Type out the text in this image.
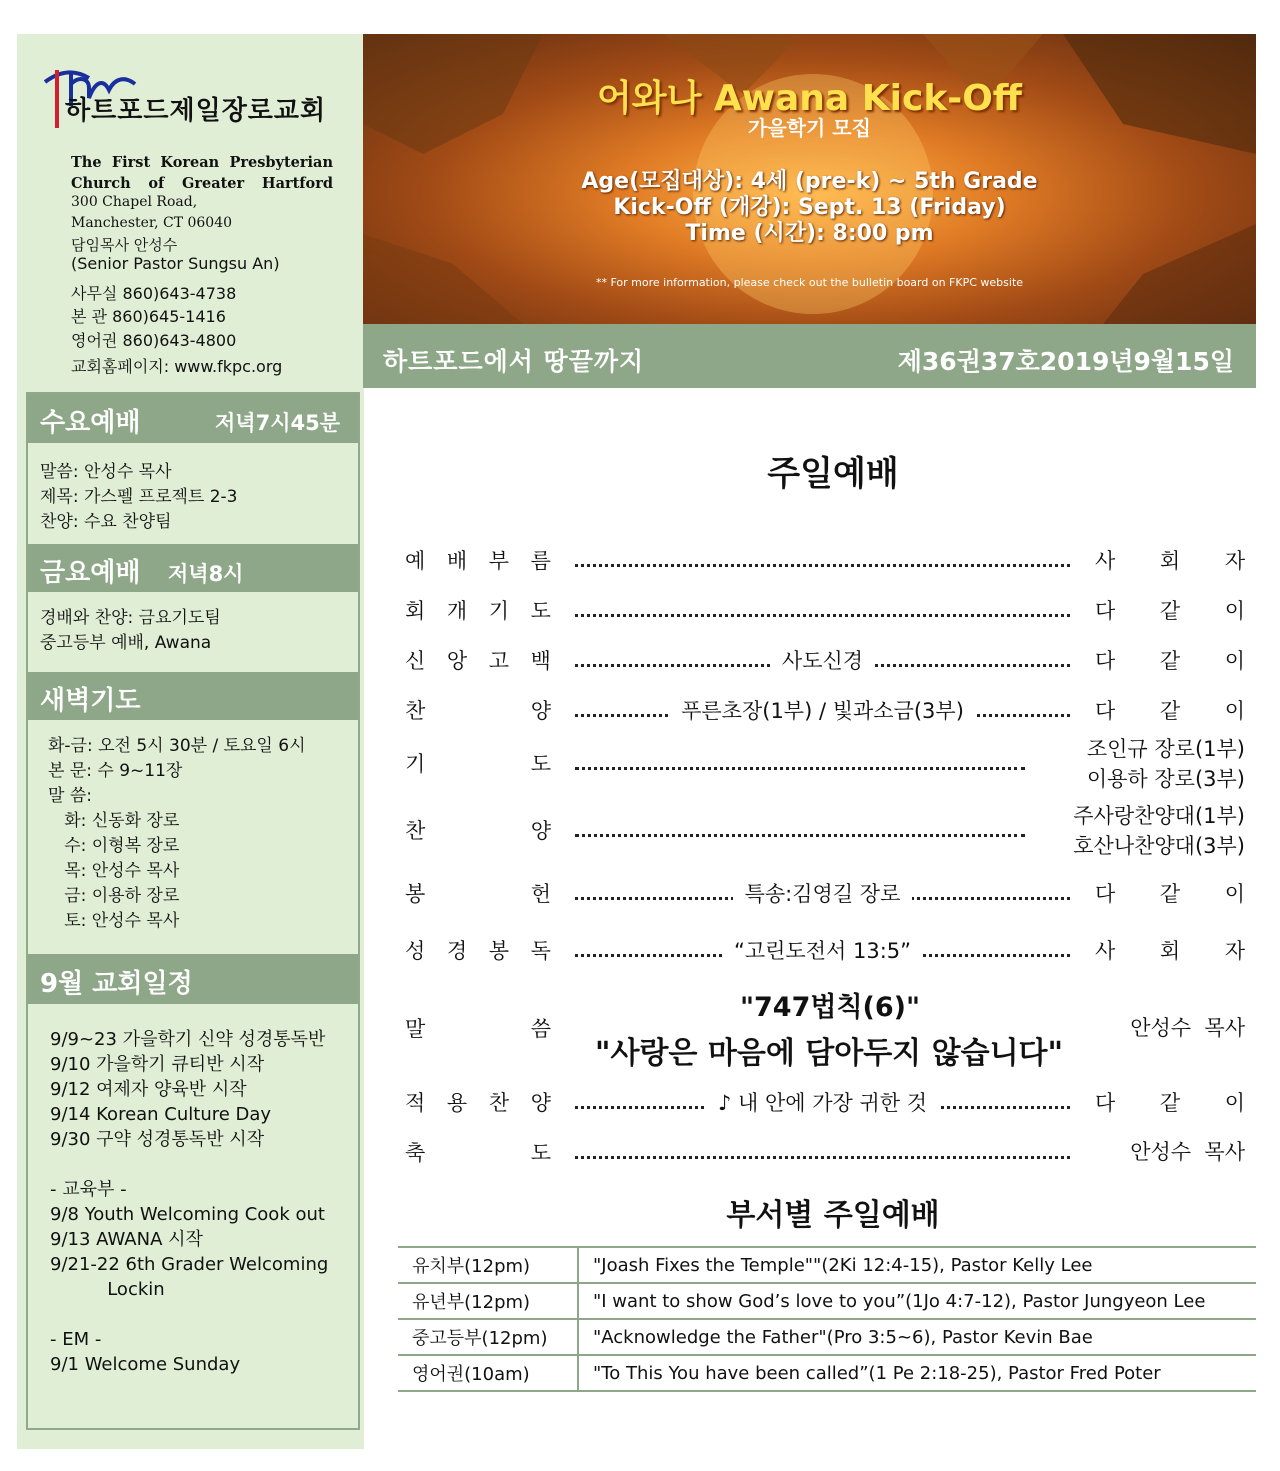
하트포드제일장로교회
The First Korean Presbyterian
Church of Greater Hartford
300 Chapel Road,
Manchester, CT 06040
담임목사 안성수
(Senior Pastor Sungsu An)
사무실 860)643-4738
본 관 860)645-1416
영어권 860)643-4800
교회홈페이지: www.fkpc.org
수요예배	저녁7시45분
말씀: 안성수 목사
제목: 가스펠 프로젝트 2-3
찬양: 수요 찬양팀
금요예배 저녁8시
경배와 찬양: 금요기도팀
중고등부 예배, Awana
새벽기도
화-금: 오전 5시 30분 / 토요일 6시
본 문: 수 9~11장
말 씀:
화: 신동화 장로
수: 이형복 장로
목: 안성수 목사
금: 이용하 장로
토: 안성수 목사
9월 교회일정
9/9~23 가을학기 신약 성경통독반
9/10 가을학기 큐티반 시작
9/12 여제자 양육반 시작
9/14 Korean Culture Day
9/30 구약 성경통독반 시작

- 교육부 -
9/8 Youth Welcoming Cook out
9/13 AWANA 시작
9/21-22 6th Grader Welcoming
Lockin

- EM -
9/1 Welcome Sunday
어와나 Awana Kick-Off
가을학기 모집
Age(모집대상): 4세 (pre-k) ~ 5th Grade
Kick-Off (개강): Sept. 13 (Friday)
Time (시간): 8:00 pm
** For more information, please check out the bulletin board on FKPC website
하트포드에서 땅끝까지	제36권37호2019년9월15일
주일예배
예 배 부 름	사 회 자
회 개 기 도	다 같 이
신 앙 고 백	사도신경	다 같 이
찬	양	푸른초장(1부) / 빛과소금(3부)	다 같 이
기	도
조인규 장로(1부)
이용하 장로(3부)
찬	양
주사랑찬양대(1부)
호산나찬양대(3부)
봉	헌	특송:김영길 장로	다 같 이
성 경 봉 독	“고린도전서 13:5”	사 회 자
말	씀	안성수  목사
적 용 찬 양	♪ 내 안에 가장 귀한 것	다 같 이
축	도	안성수  목사
"747법칙(6)"
"사랑은 마음에 담아두지 않습니다"
부서별 주일예배
유치부(12pm)	"Joash Fixes the Temple""(2Ki 12:4-15), Pastor Kelly Lee
유년부(12pm)	"I want to show God’s love to you”(1Jo 4:7-12), Pastor Jungyeon Lee
중고등부(12pm)	"Acknowledge the Father"(Pro 3:5~6), Pastor Kevin Bae
영어권(10am)	"To This You have been called”(1 Pe 2:18-25), Pastor Fred Poter
